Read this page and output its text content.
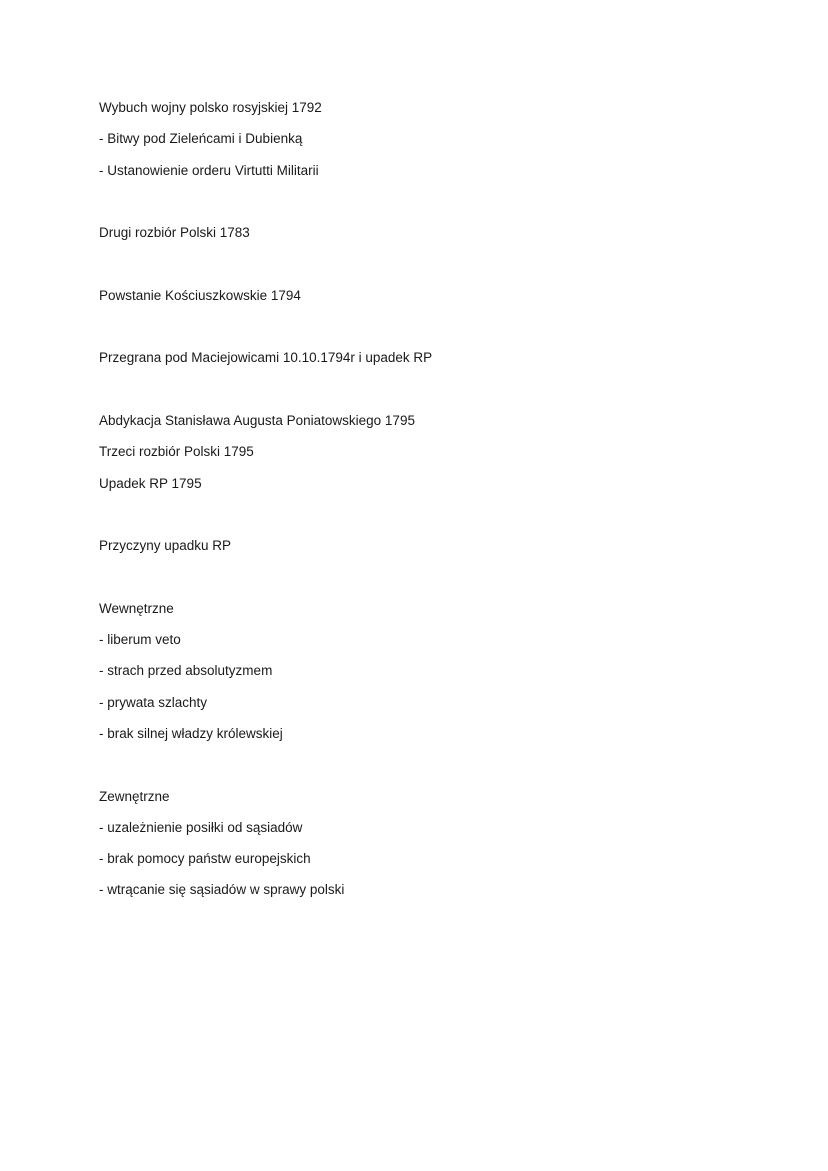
Wybuch wojny polsko rosyjskiej 1792
- Bitwy pod Zieleńcami i Dubienką
- Ustanowienie orderu Virtutti Militarii
Drugi rozbiór Polski 1783
Powstanie Kościuszkowskie 1794
Przegrana pod Maciejowicami 10.10.1794r i upadek RP
Abdykacja Stanisława Augusta Poniatowskiego 1795
Trzeci rozbiór Polski 1795
Upadek RP 1795
Przyczyny upadku RP
Wewnętrzne
- liberum veto
- strach przed absolutyzmem
- prywata szlachty
- brak silnej władzy królewskiej
Zewnętrzne
- uzależnienie posiłki od sąsiadów
- brak pomocy państw europejskich
- wtrącanie się sąsiadów w sprawy polski
